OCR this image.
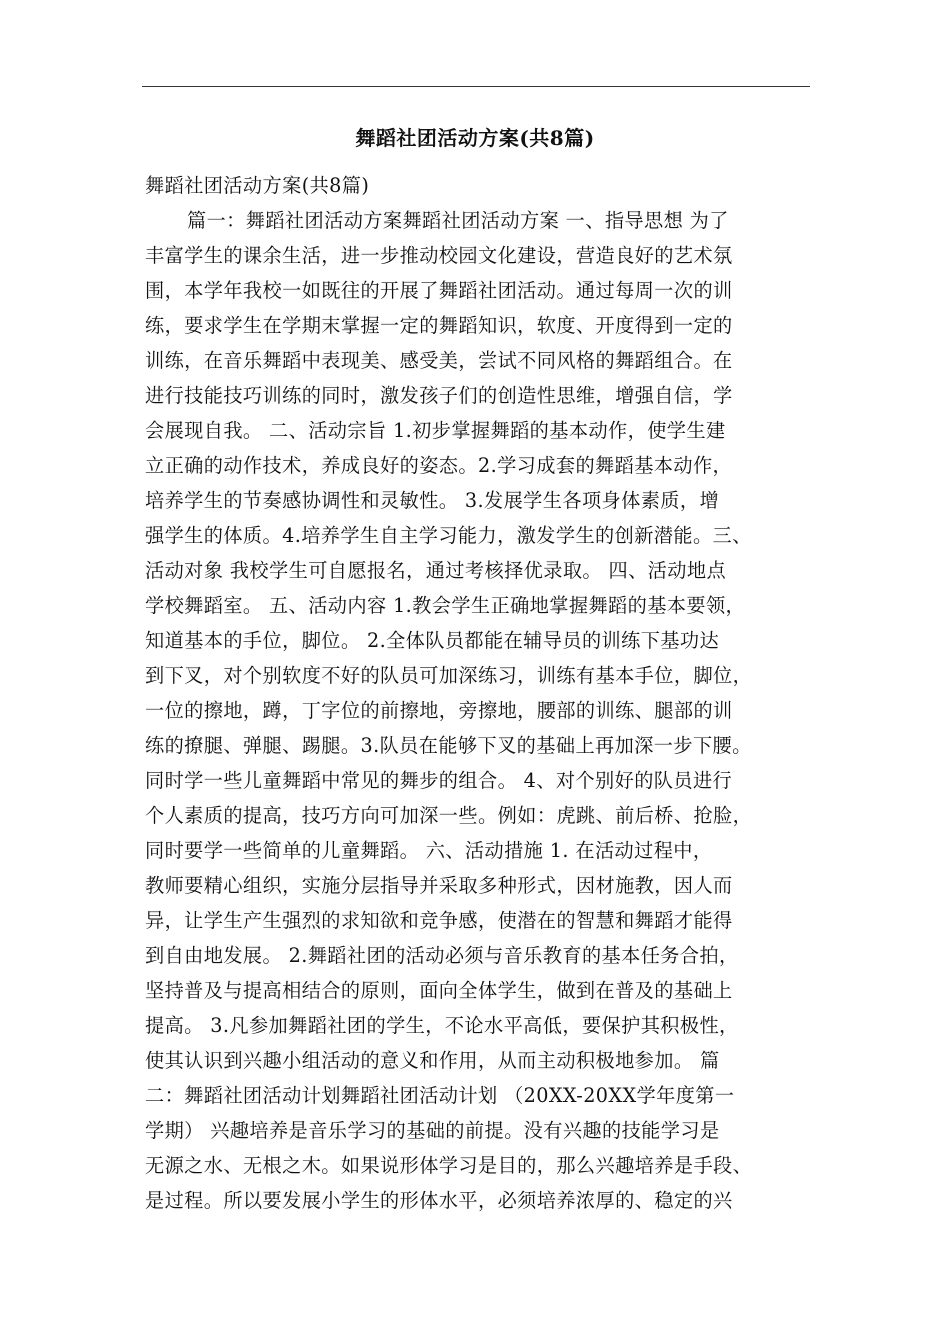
舞蹈社团活动方案(共8篇)
舞蹈社团活动方案(共8篇)
篇一：舞蹈社团活动方案舞蹈社团活动方案 一、指导思想 为了
丰富学生的课余生活，进一步推动校园文化建设，营造良好的艺术氛
围，本学年我校一如既往的开展了舞蹈社团活动。通过每周一次的训
练，要求学生在学期末掌握一定的舞蹈知识，软度、开度得到一定的
训练，在音乐舞蹈中表现美、感受美，尝试不同风格的舞蹈组合。在
进行技能技巧训练的同时，激发孩子们的创造性思维，增强自信，学
会展现自我。 二、活动宗旨 1.初步掌握舞蹈的基本动作，使学生建
立正确的动作技术，养成良好的姿态。2.学习成套的舞蹈基本动作，
培养学生的节奏感协调性和灵敏性。 3.发展学生各项身体素质，增
强学生的体质。4.培养学生自主学习能力，激发学生的创新潜能。三、
活动对象 我校学生可自愿报名，通过考核择优录取。 四、活动地点
学校舞蹈室。 五、活动内容 1.教会学生正确地掌握舞蹈的基本要领，
知道基本的手位，脚位。 2.全体队员都能在辅导员的训练下基功达
到下叉，对个别软度不好的队员可加深练习，训练有基本手位，脚位，
一位的擦地，蹲，丁字位的前擦地，旁擦地，腰部的训练、腿部的训
练的撩腿、弹腿、踢腿。3.队员在能够下叉的基础上再加深一步下腰。
同时学一些儿童舞蹈中常见的舞步的组合。 4、对个别好的队员进行
个人素质的提高，技巧方向可加深一些。例如：虎跳、前后桥、抢脸，
同时要学一些简单的儿童舞蹈。 六、活动措施 1. 在活动过程中，
教师要精心组织，实施分层指导并采取多种形式，因材施教，因人而
异，让学生产生强烈的求知欲和竞争感，使潜在的智慧和舞蹈才能得
到自由地发展。 2.舞蹈社团的活动必须与音乐教育的基本任务合拍，
坚持普及与提高相结合的原则，面向全体学生，做到在普及的基础上
提高。 3.凡参加舞蹈社团的学生，不论水平高低，要保护其积极性，
使其认识到兴趣小组活动的意义和作用，从而主动积极地参加。 篇
二：舞蹈社团活动计划舞蹈社团活动计划 （20XX-20XX学年度第一
学期） 兴趣培养是音乐学习的基础的前提。没有兴趣的技能学习是
无源之水、无根之木。如果说形体学习是目的，那么兴趣培养是手段、
是过程。所以要发展小学生的形体水平，必须培养浓厚的、稳定的兴
